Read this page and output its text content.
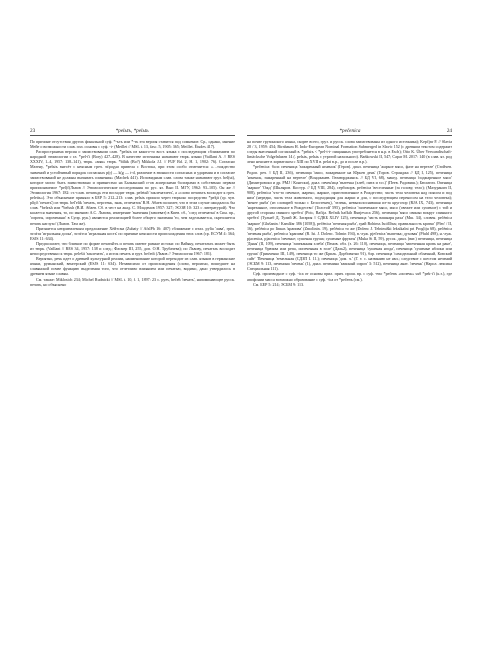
23	*pelьtъ, *pelьtь

По причине отсутствия других финальной суф. *-ъть или *-ть эта версия ставится под сомнение. Ср., однако, мнение Мейе о возможности слав. пэл. основы с суф. -t- (Meillet // MSL t. 13, fasc. 5, 1905: 365; Meillet. Études 417).

Распространена версия о заимствовании слав. *pelьtъ из какого-то вост. языка с последующим сближением по народной этимологии с гл. *pel-t'i (Bory) 427–428). В качестве источника называют тюрк. языки (Vaillant A. // RES XXXIV, 1–4, 1957: 138–141), тюрк. «мяк» тюрк. *bīlük (Bo?) Mikkola J.J. // FUF Bd. 2, H. 1, 1902: 76). Согласно Мазену, *pelьtъ внесёт с неясным греч. πέρυγμα привела с Востока, при этом особо отмечается: «…тождество значений и устойчивый порядок согласных p(ŗ) — k(g — t-d, различие в звонкости согласных и ударения и в согласие заимствований не должны вызывать сомнения» (Machek 441). Исповидным слав. слова также называют груз. bel(ut), которое могло быть заимствовано и привнесено на Балканский п-ов асиерскими болгарами в собственно первом приписываемое *pel(č(Львов // Этимологические исследования по рус. яз. Вып II. МГУ, 1962: 93–105). Он же // Этимология 1967: 182: ст.-слав. печатьдь ети восходит тюрк. pelеtьй 'заклечатлеть', а «слово печатьть восходит к греч. pelеttь»). Это объяснение приняло в БЕР 5: 212–213: слав. pelьtъ пришло через тюркско посредство *pelţit (ср. чув. pǟçťt 'печать') из тюрк. bel'elik 'печать, перстень, знак, отпечаток' В.Н. Абаев полагает, что в этом случае ожидалось бы слав. *belzъh или *belsъh (В.И. Абаев. Сб. в чест на акад. С. Младенов 1957: 327; ЭСОЯ 10: 323 с литературой). Что касается значения, то, по мнению А.С. Львова, измерение 'значения (завоеват) в Киев. сб., 'след отпечатка' в Син. пр., 'сироты, сироченьки' в Супр. рук.) являются реализацией более общего значения 'то, чем заделывается, скрепляется печать наглухо' (Львов. Там же).

Признается неприемлемым предложение Хёйтсма (Zubaty // AfslPh 16: 407) сближение с итал. pylia 'лава', греч. πεπέτα 'игральная доска', πεπέττα 'игральная кость' по причине неясности происхождения этих слов (ср. ЕСУМ 4: 364; ESJS 11: 634).

Предполагает, что близкие по форме печатьйтъ и печать имеют разные истоки: по Вайяну, печатьтьть может быть из тюрк. (Vaillant // RES 34, 1957: 138 и след.; Фасмер III, 255, доп. О.Н. Трубачева); по Львову, печатьть восходит непосредственно к тюрк. peleštt 'заклечатъ', а исток печать и груз. bečedt (Львов // Этимология 1967: 181).

Вероятно, речь идет о древней культурной реалии, наименование которой переходит из слав. языков в германские языки, румынский, венгерский (ESJS 11: 634). Независимо от происхождения (слово, вероятно, вошедшее на славянской почве функцию выделения того, что отчетливо влиянием или печатью, видимо, дано утвердилось в древнем языке славян.

См. также: Miklosich 234; Michel Rudnicki // MSL t. 10, f. 1, 1897: 23 с. pyes, bečeħ 'печать', напоминающее русск. печать, но объяснено

*pečenica	24

на почве грузинского языка, скорее всего, груз. и русск. слова заимствованы из одного источника); Kерčjnr F. // Slavia 28 / 3, 1959: 454; Birnbaum H. Indo-European Nominal Formation Submerged in Slavic 152 (с древним текстом содержит следы внесенный согласный в. *pelьtъ < *pel-t-t- пищанных употребляется в н.р. в Esch); Otto K. Über Verwandtschaft-limäcksche Volgelnlazen 14 (. pelьtъ, pelьtь с утратой назального). Bańkowski II, 547; Сараr M. 2017: 140 (в слав. яз. род лено неяснее в хорватском с XIII по XVII в. pelat в.р., до и после в.р.).

*pečenica: болг. печеница 'зажаренный ягненок' (Геров). диал. печеница 'жаркое мясо, фазе на вертеле' (Стойчев. Родоп. реч. // БД II, 236), печеница 'мясо, зажаренное на Юрьев день' (Горов. Странджа // БД I, 125), печеница 'ягненок, зажаренный на вертеле' (Вонджанев. Гюмюрджинск. // БД VI, 68), макед. печеница 'поджаренное мясо' (Димитровски и др. РМЈ / Конески), диал. печен'ица 'вытечка (хлеб, пита и т.п.)' (Пеев. Радовиш.); Бюлатич. Опеница 'жаркое' 'Ожд' (Шкляров. Костур. // БД VIII, 284), сербохорв. pečenica 'веселенные (за голову, тело); (Мазуранич II, 908), pečenica 'что-то печеное, жарено, жаркое, приготовленное в Рождество; часть тела человека над поясом и под ним' (нередко, часть тела животного, подходящая для жарки и для, с последующим переносом на тело человека); 'менее рыба' (из словарей только с Белостенец), 'зелень, невыполоснившая из-за кругозор (RJA IX, 743), печеница 'нарезанное, отопленное в Рождество' (Толстой' 595), pečenica 'запеченное мясо, мясо (свежее или сушеное) с той и другой стороны свиного хребта' (Рoiс, Račija. Rečnik bačkih Bunjevaca 256), печеница 'мясо свиньи вокруг спинного хребта' (Тульиб Д, Тулий Ж. Загария // СДКБ XLIV 125), печеница 'часть вашнаря раха' (Мш. 34), словен. pečénica 'жаркое' (Glušanin / Kamlžar 386 [1058]), pečénica 'печеная рыба', грай Bohinss Iscöllhus; правильность кратко' (Pleo' / II, 16), pečénica ро Iinкas 'крапива' (Zmolinin. 19), pečénica то же (Dolenc J. Telnimiški leksikalni pri Progliju 68), pečénica 'печеная рыба', pečenica 'крапива' (В. Isi. J. Dolenc. Tolmin 194), в.-луж. pječenica 'выпечка; духовая' (Pfuhl 498), н.-луж. pjacenica, pjacenica 'печенье; сушеная груша; сушеные фрукты' (Muka St II, 59), русск. диал. (вят.) печеница, печеница 'Дыня' (II, 109), печеница 'запеканная хлеба' (Пенов. обл. (з. 26: 110), печеница, печеница 'запеченная кровь на ране', печеница 'брюква или репа, испеченная в золе' (Даль2), печеница 'сушеная ягода', печеница 'сушеные яблоки или груша' (Гринченко III, 149), печеница то же (Бриль. Дорбовятно 91), блр. печеница 'самодельный облачный, Ковский сайт' 'Печеница 'земельная (СДЗП I. 11.); печеница 'дом. ч.' (Г. т. с. названию не явл.; следствие с шестом нечений (ЭСБМ 9: 113, печенина 'печень' (1), диал. печенина 'квасный сироп' 3: 512), печеница анат. 'печень' (Нарол. лексика Специальная 111).

Суф. производное с суф. -ica от основы прил. прич. прош. вр. с суф. -eno *pečenъ «испечь» suб *pek-t'i (к.з.), где апофонии масса возможно образование с суф. -ica от *pečenъ (см.).

См. БЕР 5: 214; ЭСБМ 9: 113.
